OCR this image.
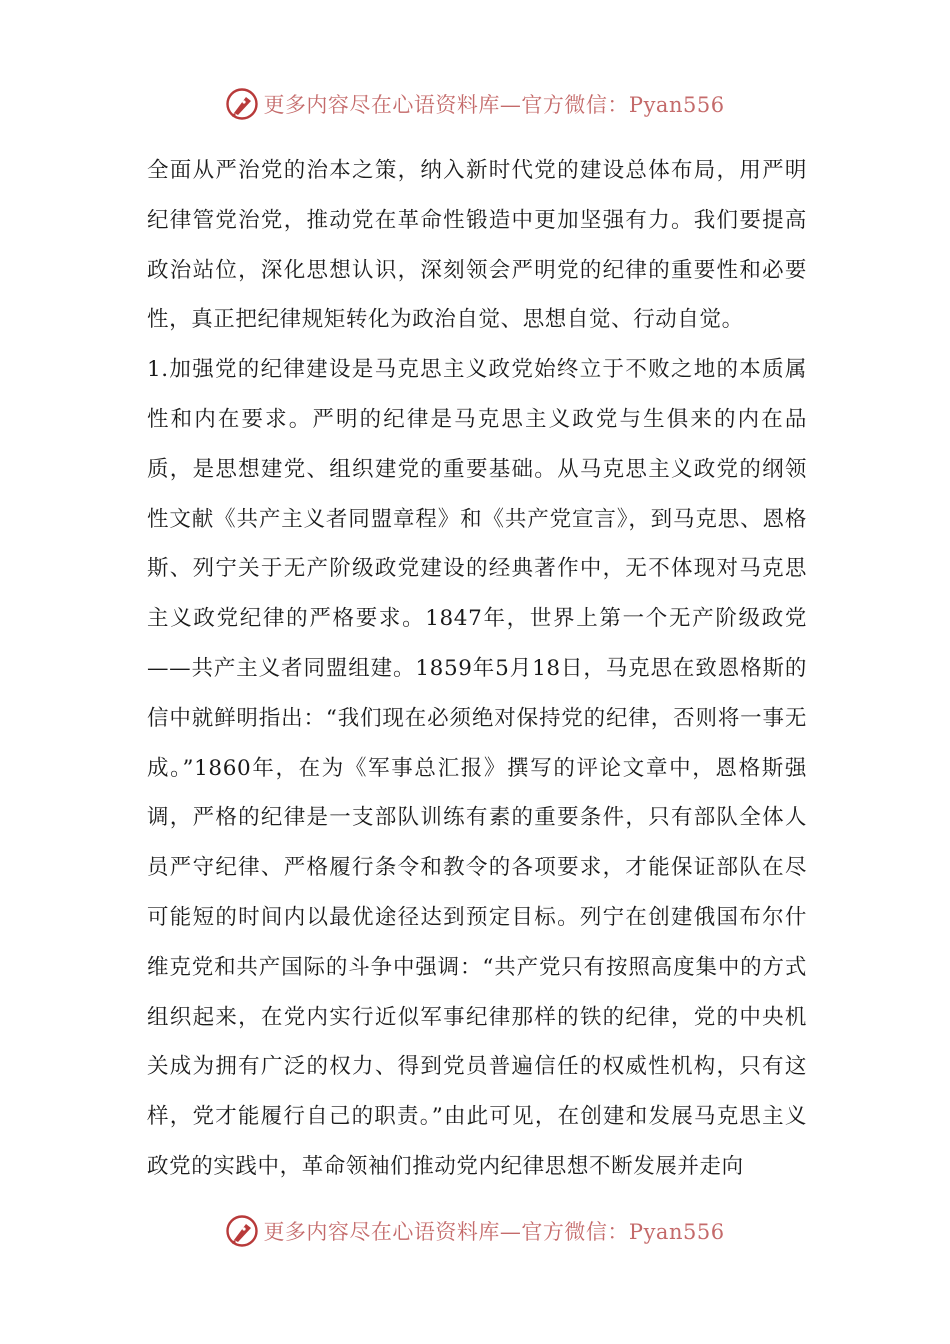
更多内容尽在心语资料库—官方微信：Pyan556

全面从严治党的治本之策，纳入新时代党的建设总体布局，用严明纪律管党治党，推动党在革命性锻造中更加坚强有力。我们要提高政治站位，深化思想认识，深刻领会严明党的纪律的重要性和必要性，真正把纪律规矩转化为政治自觉、思想自觉、行动自觉。

1.加强党的纪律建设是马克思主义政党始终立于不败之地的本质属性和内在要求。严明的纪律是马克思主义政党与生俱来的内在品质，是思想建党、组织建党的重要基础。从马克思主义政党的纲领性文献《共产主义者同盟章程》和《共产党宣言》，到马克思、恩格斯、列宁关于无产阶级政党建设的经典著作中，无不体现对马克思主义政党纪律的严格要求。1847年，世界上第一个无产阶级政党——共产主义者同盟组建。1859年5月18日，马克思在致恩格斯的信中就鲜明指出：“我们现在必须绝对保持党的纪律，否则将一事无成。”1860年，在为《军事总汇报》撰写的评论文章中，恩格斯强调，严格的纪律是一支部队训练有素的重要条件，只有部队全体人员严守纪律、严格履行条令和教令的各项要求，才能保证部队在尽可能短的时间内以最优途径达到预定目标。列宁在创建俄国布尔什维克党和共产国际的斗争中强调：“共产党只有按照高度集中的方式组织起来，在党内实行近似军事纪律那样的铁的纪律，党的中央机关成为拥有广泛的权力、得到党员普遍信任的权威性机构，只有这样，党才能履行自己的职责。”由此可见，在创建和发展马克思主义政党的实践中，革命领袖们推动党内纪律思想不断发展并走向

更多内容尽在心语资料库—官方微信：Pyan556
